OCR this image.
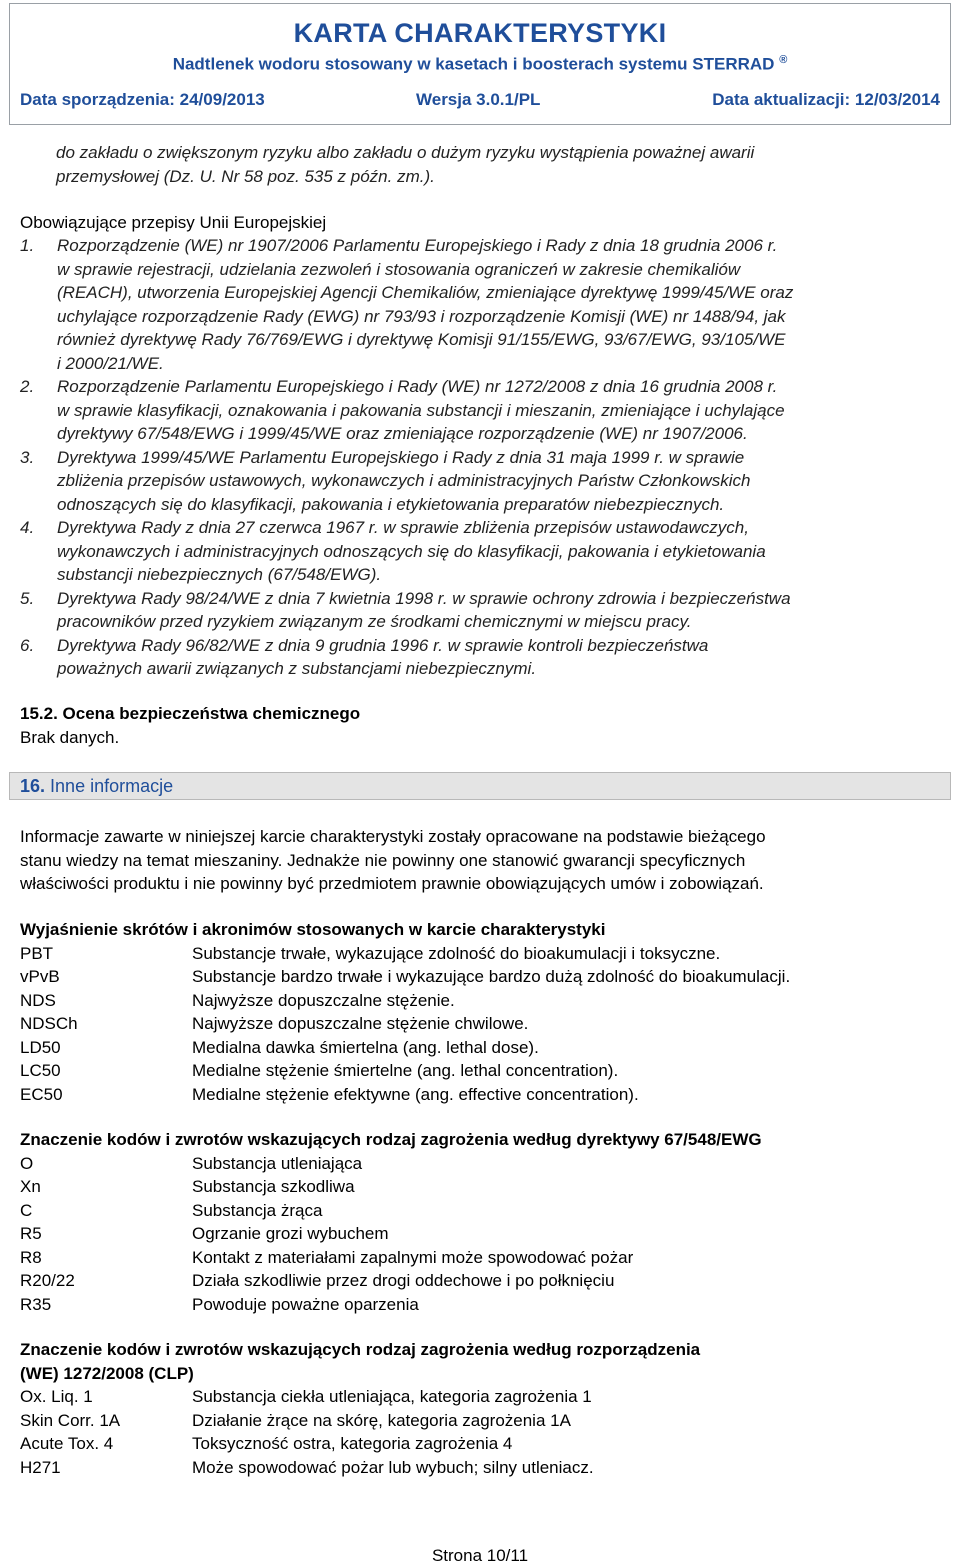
KARTA CHARAKTERYSTYKI
Nadtlenek wodoru stosowany w kasetach i boosterach systemu STERRAD ®
Data sporządzenia: 24/09/2013	Wersja 3.0.1/PL	Data aktualizacji: 12/03/2014
do zakładu o zwiększonym ryzyku albo zakładu o dużym ryzyku wystąpienia poważnej awarii
przemysłowej (Dz. U. Nr 58 poz. 535 z późn. zm.).
Obowiązujące przepisy Unii Europejskiej
1. Rozporządzenie (WE) nr 1907/2006 Parlamentu Europejskiego i Rady z dnia 18 grudnia 2006 r.
w sprawie rejestracji, udzielania zezwoleń i stosowania ograniczeń w zakresie chemikaliów
(REACH), utworzenia Europejskiej Agencji Chemikaliów, zmieniające dyrektywę 1999/45/WE oraz
uchylające rozporządzenie Rady (EWG) nr 793/93 i rozporządzenie Komisji (WE) nr 1488/94, jak
również dyrektywę Rady 76/769/EWG i dyrektywę Komisji 91/155/EWG, 93/67/EWG, 93/105/WE
i 2000/21/WE.
2. Rozporządzenie Parlamentu Europejskiego i Rady (WE) nr 1272/2008 z dnia 16 grudnia 2008 r.
w sprawie klasyfikacji, oznakowania i pakowania substancji i mieszanin, zmieniające i uchylające
dyrektywy 67/548/EWG i 1999/45/WE oraz zmieniające rozporządzenie (WE) nr 1907/2006.
3. Dyrektywa 1999/45/WE Parlamentu Europejskiego i Rady z dnia 31 maja 1999 r. w sprawie
zbliżenia przepisów ustawowych, wykonawczych i administracyjnych Państw Członkowskich
odnoszących się do klasyfikacji, pakowania i etykietowania preparatów niebezpiecznych.
4. Dyrektywa Rady z dnia 27 czerwca 1967 r. w sprawie zbliżenia przepisów ustawodawczych,
wykonawczych i administracyjnych odnoszących się do klasyfikacji, pakowania i etykietowania
substancji niebezpiecznych (67/548/EWG).
5. Dyrektywa Rady 98/24/WE z dnia 7 kwietnia 1998 r. w sprawie ochrony zdrowia i bezpieczeństwa
pracowników przed ryzykiem związanym ze środkami chemicznymi w miejscu pracy.
6. Dyrektywa Rady 96/82/WE z dnia 9 grudnia 1996 r. w sprawie kontroli bezpieczeństwa
poważnych awarii związanych z substancjami niebezpiecznymi.
15.2. Ocena bezpieczeństwa chemicznego
Brak danych.
16. Inne informacje
Informacje zawarte w niniejszej karcie charakterystyki zostały opracowane na podstawie bieżącego
stanu wiedzy na temat mieszaniny. Jednakże nie powinny one stanowić gwarancji specyficznych
właściwości produktu i nie powinny być przedmiotem prawnie obowiązujących umów i zobowiązań.
Wyjaśnienie skrótów i akronimów stosowanych w karcie charakterystyki
PBT	Substancje trwałe, wykazujące zdolność do bioakumulacji i toksyczne.
vPvB	Substancje bardzo trwałe i wykazujące bardzo dużą zdolność do bioakumulacji.
NDS	Najwyższe dopuszczalne stężenie.
NDSCh	Najwyższe dopuszczalne stężenie chwilowe.
LD50	Medialna dawka śmiertelna (ang. lethal dose).
LC50	Medialne stężenie śmiertelne (ang. lethal concentration).
EC50	Medialne stężenie efektywne (ang. effective concentration).
Znaczenie kodów i zwrotów wskazujących rodzaj zagrożenia według dyrektywy 67/548/EWG
O	Substancja utleniająca
Xn	Substancja szkodliwa
C	Substancja żrąca
R5	Ogrzanie grozi wybuchem
R8	Kontakt z materiałami zapalnymi może spowodować pożar
R20/22	Działa szkodliwie przez drogi oddechowe i po połknięciu
R35	Powoduje poważne oparzenia
Znaczenie kodów i zwrotów wskazujących rodzaj zagrożenia według rozporządzenia
(WE) 1272/2008 (CLP)
Ox. Liq. 1	Substancja ciekła utleniająca, kategoria zagrożenia 1
Skin Corr. 1A	Działanie żrące na skórę, kategoria zagrożenia 1A
Acute Tox. 4	Toksyczność ostra, kategoria zagrożenia 4
H271	Może spowodować pożar lub wybuch; silny utleniacz.
Strona 10/11
